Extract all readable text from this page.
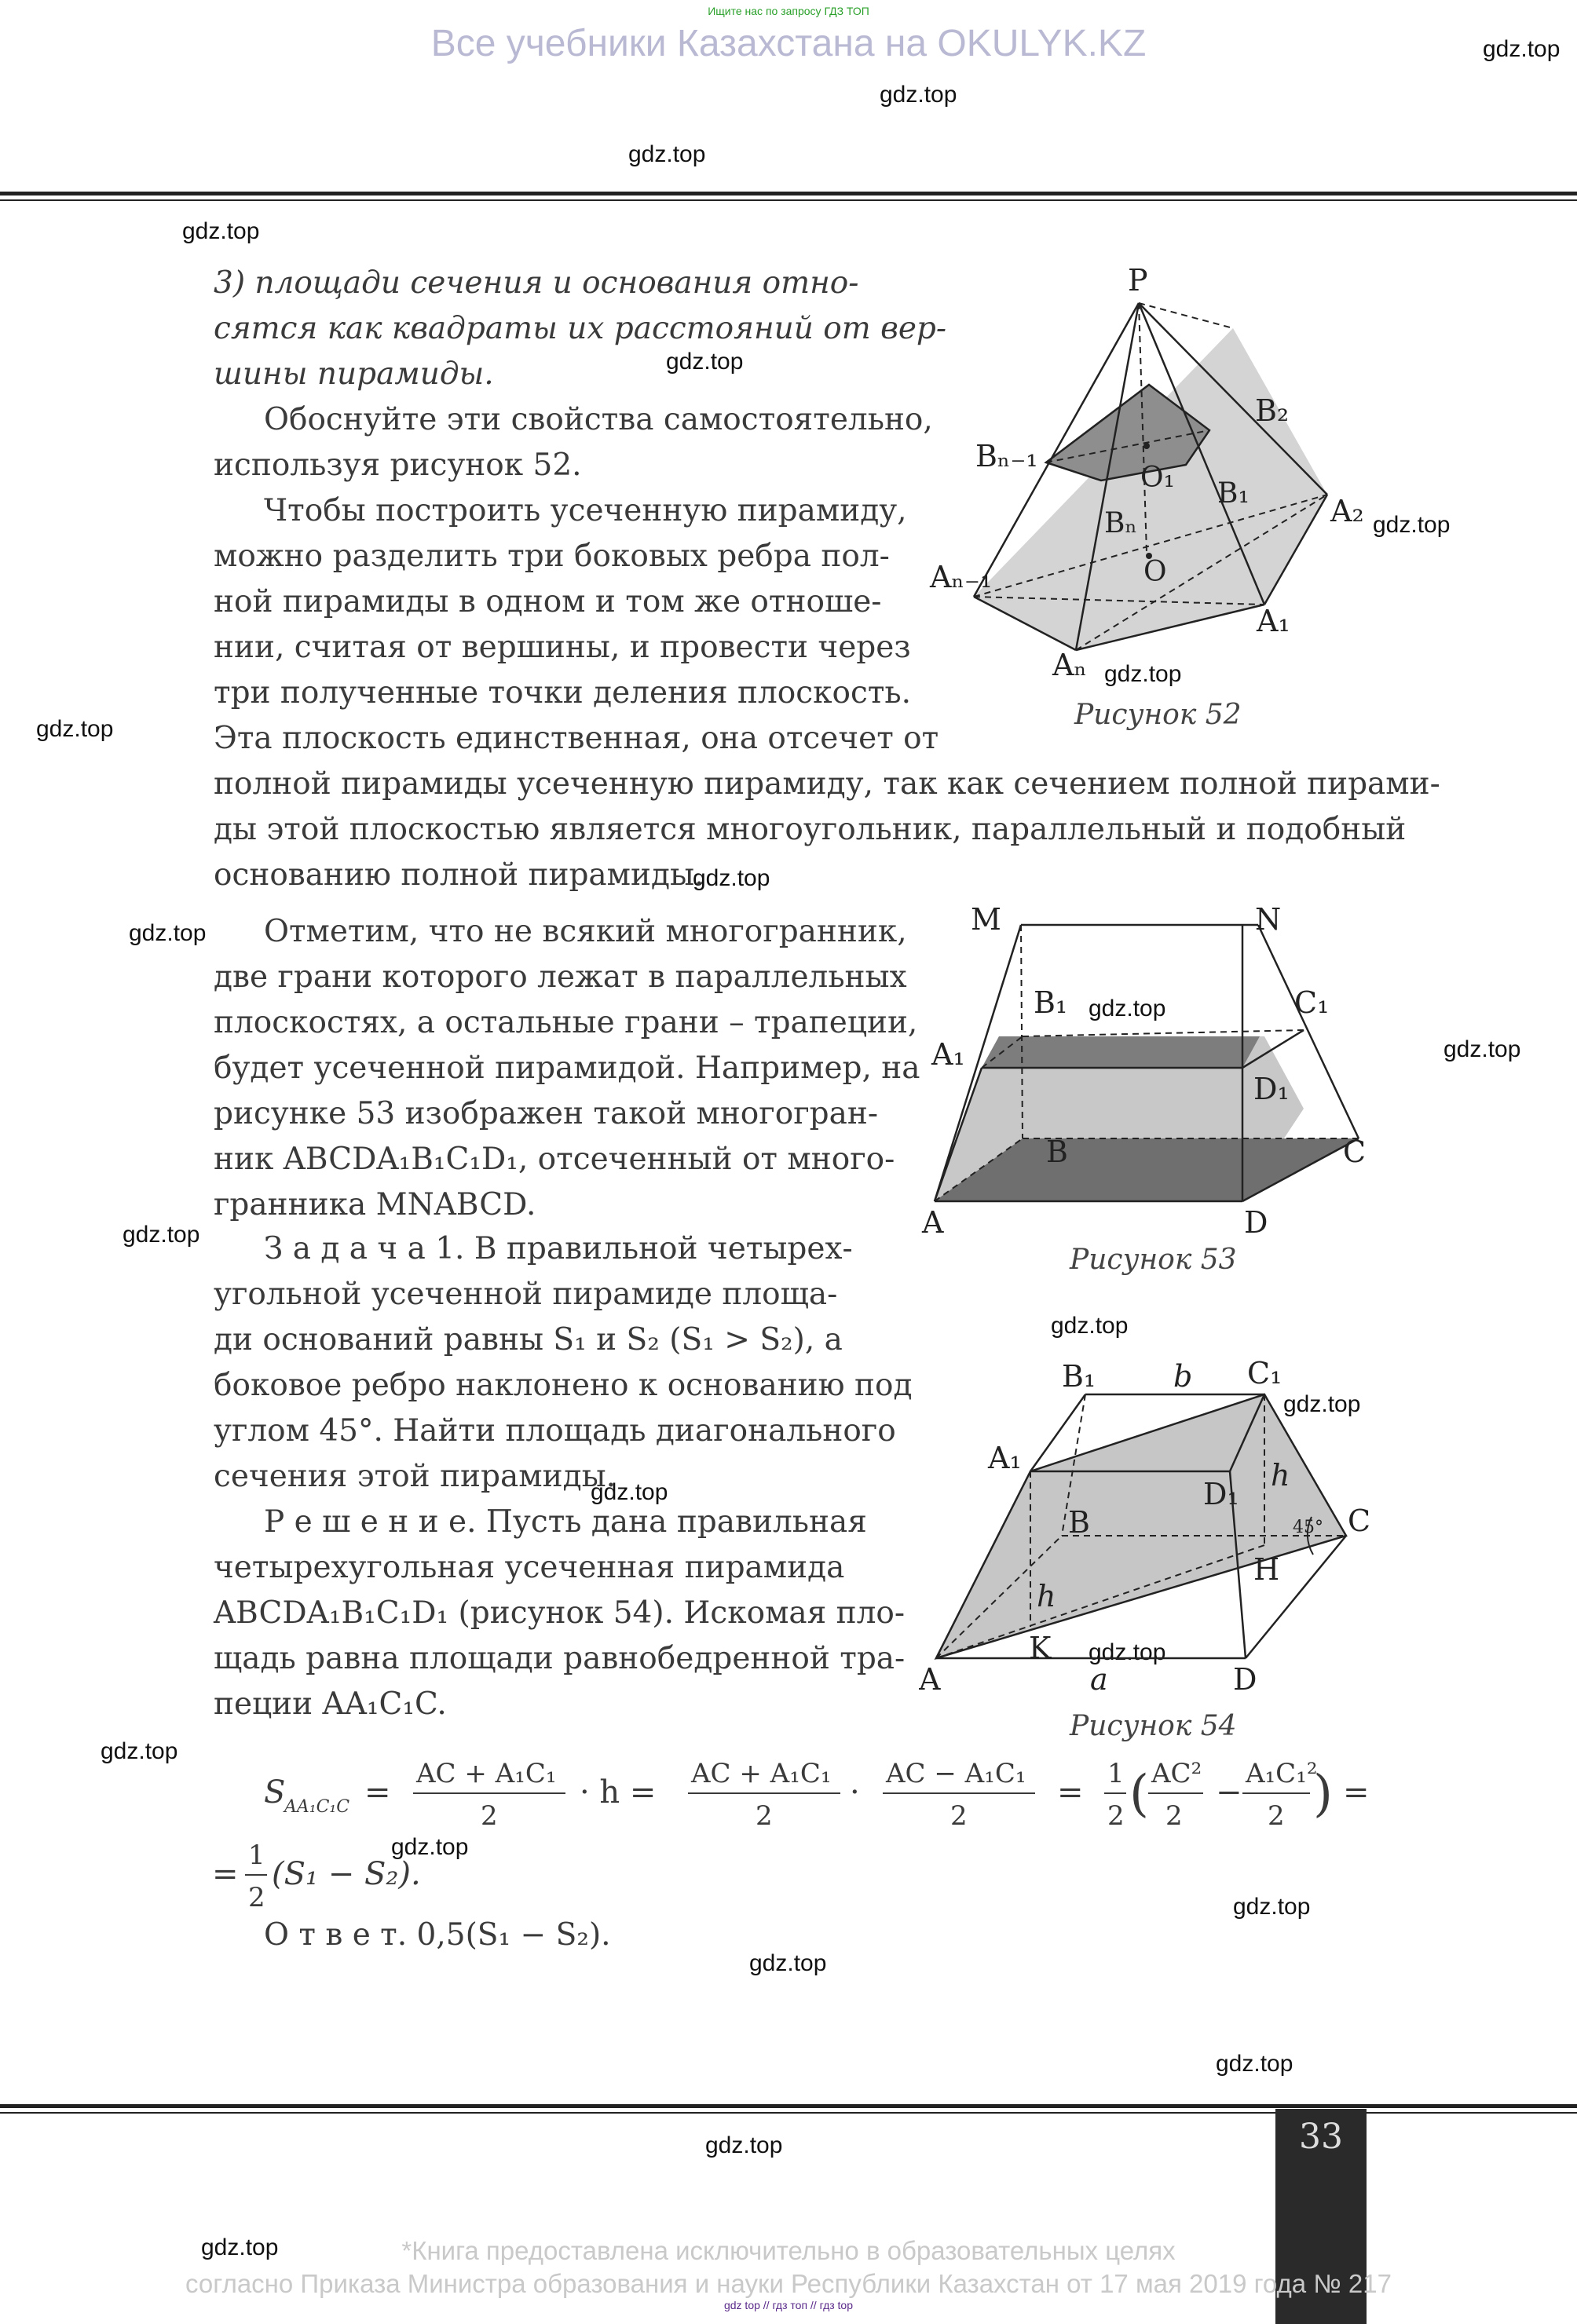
Ищите нас по запросу ГДЗ ТОП
Все учебники Казахстана на OKULYK.KZ	gdz.top
gdz.top
gdz.top
gdz.top
gdz.top
gdz.top
gdz.top
gdz.top
gdz.top
gdz.top
gdz.top
gdz.top
gdz.top
gdz.top
gdz.top
gdz.top
gdz.top
gdz.top
gdz.top
gdz.top
gdz.top
gdz.top
gdz.top
gdz.top
3) площади сечения и основания отно-
сятся как квадраты их расстояний от вер-
шины пирамиды.
Обоснуйте эти свойства самостоятельно,
используя рисунок 52.
Чтобы построить усеченную пирамиду,
можно разделить три боковых ребра пол-
ной пирамиды в одном и том же отноше-
нии, считая от вершины, и провести через
три полученные точки деления плоскость.
Эта плоскость единственная, она отсечет от
полной пирамиды усеченную пирамиду, так как сечением полной пирами-
ды этой плоскостью является многоугольник, параллельный и подобный
основанию полной пирамиды.
Отметим, что не всякий многогранник,
две грани которого лежат в параллельных
плоскостях, а остальные грани – трапеции,
будет усеченной пирамидой. Например, на
рисунке 53 изображен такой многогран-
ник ABCDA₁B₁C₁D₁, отсеченный от много-
гранника MNABCD.
З а д а ч а 1. В правильной четырех-
угольной усеченной пирамиде площа-
ди оснований равны S₁ и S₂ (S₁ > S₂), а
боковое ребро наклонено к основанию под
углом 45°. Найти площадь диагонального
сечения этой пирамиды.
Р е ш е н и е. Пусть дана правильная
четырехугольная усеченная пирамида
ABCDA₁B₁C₁D₁ (рисунок 54). Искомая пло-
щадь равна площади равнобедренной тра-
пеции AA₁C₁C.
P
B₂
Bₙ₋₁
O₁ B₁
A₂
Bₙ
O
Aₙ₋₁
A₁
Aₙ
Рисунок 52
M	N
B₁	C₁
A₁
D₁
B	C
A	D
Рисунок 53
B₁	b C₁
A₁	h
D₁
B	45° C
H
h
K
A	a	D
Рисунок 54
S
AA₁C₁C =
AC + A₁C₁
2
· h =
AC + A₁C₁
2
·
AC − A₁C₁
2
=
1
2 ( AC²
2
−
A₁C₁²
2 ) =
=
1
2
(S₁ − S₂).
О т в е т. 0,5(S₁ − S₂).
33
*Книга предоставлена исключительно в образовательных целях
согласно Приказа Министра образования и науки Республики Казахстан от 17 мая 2019 года № 217
gdz top // гдз топ // гдз top
